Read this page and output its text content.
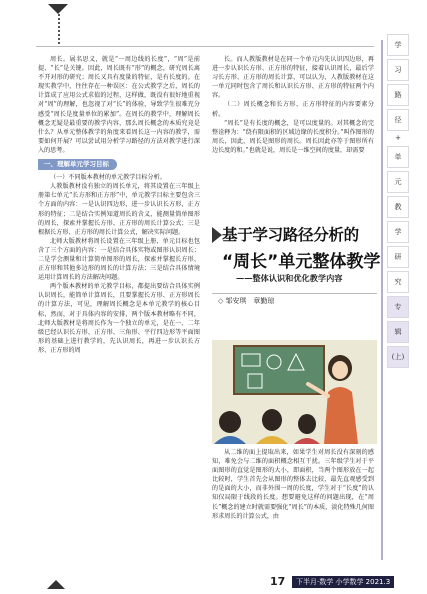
周长。展名思义，就是“一周边线的长度”，“周”是前提，“长”是关键。因此，周长既有“形”的概念，研究周长离不开对形的研究；周长又具有度量的特征，是有长度的。在现实教学中，往往存在一种误区：在公式教学之后，周长的计算成了应用公式求值的过程，这样做，既没有很好地重视对“周”的理解，也忽视了对“长”的体验，导致学生很难充分感受“周长是度量单位的累加”。在周长的教学中，理解周长概念无疑是最重要的教学内容，那么周长概念的本质究竟是什么？从单元整体教学的角度来看周长这一内容的教学，需要如何开展？可以尝试用分析学习路径的方法对教学进行深入的思考。

一、理解单元学习目标

（一）不同版本教材的单元教学目标分析。

人教版教材没有独立的周长单元，将其设置在三年级上册第七单元“长方形和正方形”中，单元教学目标主要包含三个方面的内容：一是认识四边形，进一步认识长方形、正方形的特征；二是结合实例知道周长的含义，能测量简单图形的周长，探索并掌握长方形、正方形的周长计算公式；三是根据长方形、正方形的周长计算公式，解决实际问题。

北师大版教材将周长设置在三年级上册，单元目标也包含了三个方面的内容：一是结合具体实物或图形认识周长；二是学会测量和计算简单图形的周长，探索并掌握长方形、正方形和其他多边形的周长的计算方法；三是结合具体情境运用计算周长的方法解决问题。

两个版本教材的单元教学目标，都提出要结合具体实例认识周长，能简单计算周长，且要掌握长方形、正方形周长的计算方法，可见，理解周长概念是本单元教学的核心目标，然而，对于具体内容的安排，两个版本教材略有不同，北师大版教材是将周长作为一个独立的单元，是在一、二年级已经认识长方形、正方形、三角形、平行四边形等平面图形的基础上进行教学的，先认识周长，再进一步认识长方形、正方形的周

长。而人教版教材是在同一个单元内先认识四边形，再进一步认识长方形、正方形的特征，接着认识周长，最后学习长方形、正方形的周长计算，可以认为，人教版教材在这一单元同时包含了周长和认识长方形、正方形的特征两个内容。

（二）周长概念和长方形、正方形特征的内容要素分析。

“周长”是有长度的概念，是可以度量的。对其概念的完整诠释为：“绕有限面积的区域边缘的长度积分。”叫作图形的周长，因此，周长是图形的周长。周长因此亦等于图形所有边长度的和。”也就是说，周长是一维空间的度量，却需要

基于学习路径分析的
“周长”单元整体教学
——整体认识和优化教学内容
◇ 邹安琪　章勤琼

从二维的面上提取出来，如果学生对周长没有深刻的感知，难免会与二维的面积概念相互干扰。三年级学生对于平面图形的直觉是图形的大小，即面积，当两个图形放在一起比较时，学生首先会从图形的整体去比较，最先直观感受到的是面的大小，而非外围一周的长度，学生对于“长度”的认知仅局限于线段的长度。想要避免这样的问题出现，在“周长”概念的建立时就需要强化“周长”的本质，淡化特殊几何图形求周长的计算公式，由

学
习
路
径
+
单
元
教
学
研
究
专
辑
(上)
17	下半月·数学 小学数学 2021.3
